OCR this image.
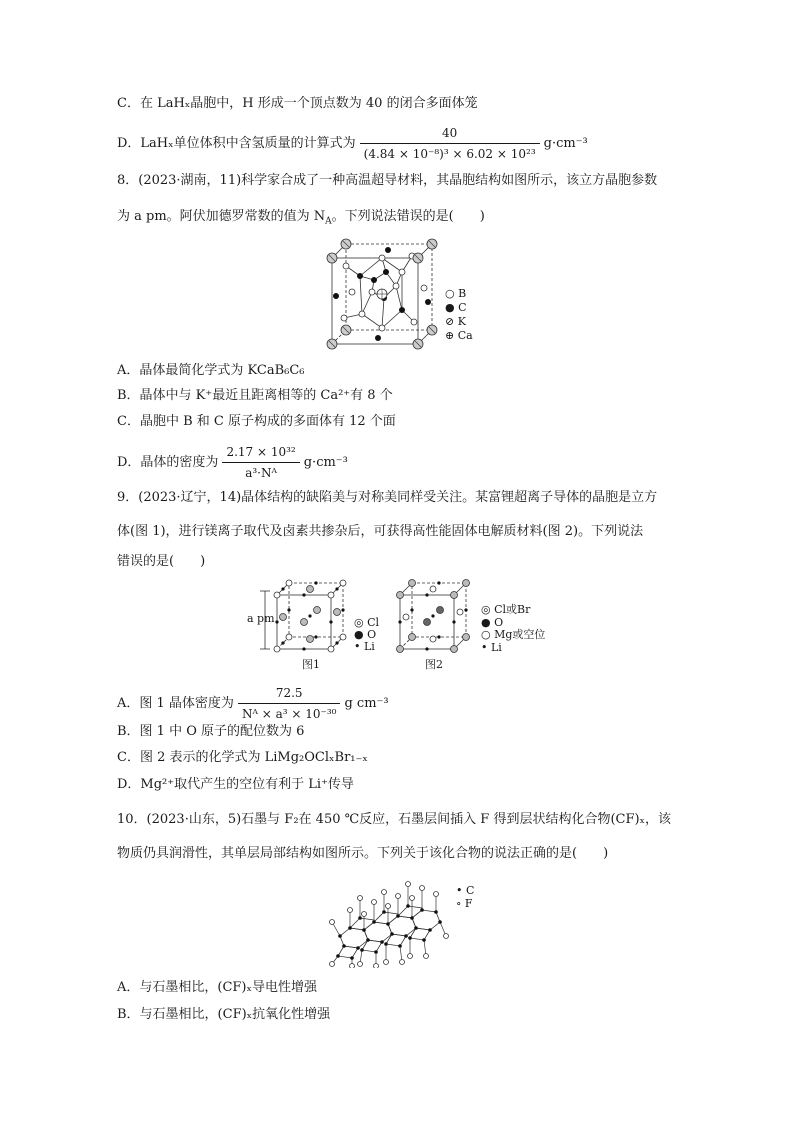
C．在 LaHₓ晶胞中，H 形成一个顶点数为 40 的闭合多面体笼
D．LaHₓ单位体积中含氢质量的计算式为 $\frac{40}{\text{(4.84 × 10⁻⁸)³ × 6.02 × 10²³}} g\cdot cm^{-3}$
8．(2023·湖南，11)科学家合成了一种高温超导材料，其晶胞结构如图所示，该立方晶胞参数
为 a pm。阿伏加德罗常数的值为 $N_A$。下列说法错误的是(　　)
○ B
● C
⊘ K
⊕ Ca
A．晶体最简化学式为 KCaB₆C₆
B．晶体中与 K⁺最近且距离相等的 Ca²⁺有 8 个
C．晶胞中 B 和 C 原子构成的多面体有 12 个面
D．晶体的密度为 $\frac{\text{2.17 × 10³²}}{\text{a³·Nᴬ}} g\cdot cm^{-3}$
9．(2023·辽宁，14)晶体结构的缺陷美与对称美同样受关注。某富锂超离子导体的晶胞是立方
体(图 1)，进行镁离子取代及卤素共掺杂后，可获得高性能固体电解质材料(图 2)。下列说法
错误的是(　　)
a pm	◎ Cl
● O
• Li
图1
◎ Cl或Br
● O
○ Mg或空位
• Li
图2
A．图 1 晶体密度为 $\frac{72.5}{\text{Nᴬ × a³ × 10⁻³⁰}}$ g cm⁻³
B．图 1 中 O 原子的配位数为 6
C．图 2 表示的化学式为 LiMg₂OClₓBr₁₋ₓ
D．Mg²⁺取代产生的空位有利于 Li⁺传导
10．(2023·山东，5)石墨与 F₂在 450 ℃反应，石墨层间插入 F 得到层状结构化合物(CF)ₓ，该
物质仍具润滑性，其单层局部结构如图所示。下列关于该化合物的说法正确的是(　　)
• C
∘ F
A．与石墨相比，(CF)ₓ导电性增强
B．与石墨相比，(CF)ₓ抗氧化性增强
